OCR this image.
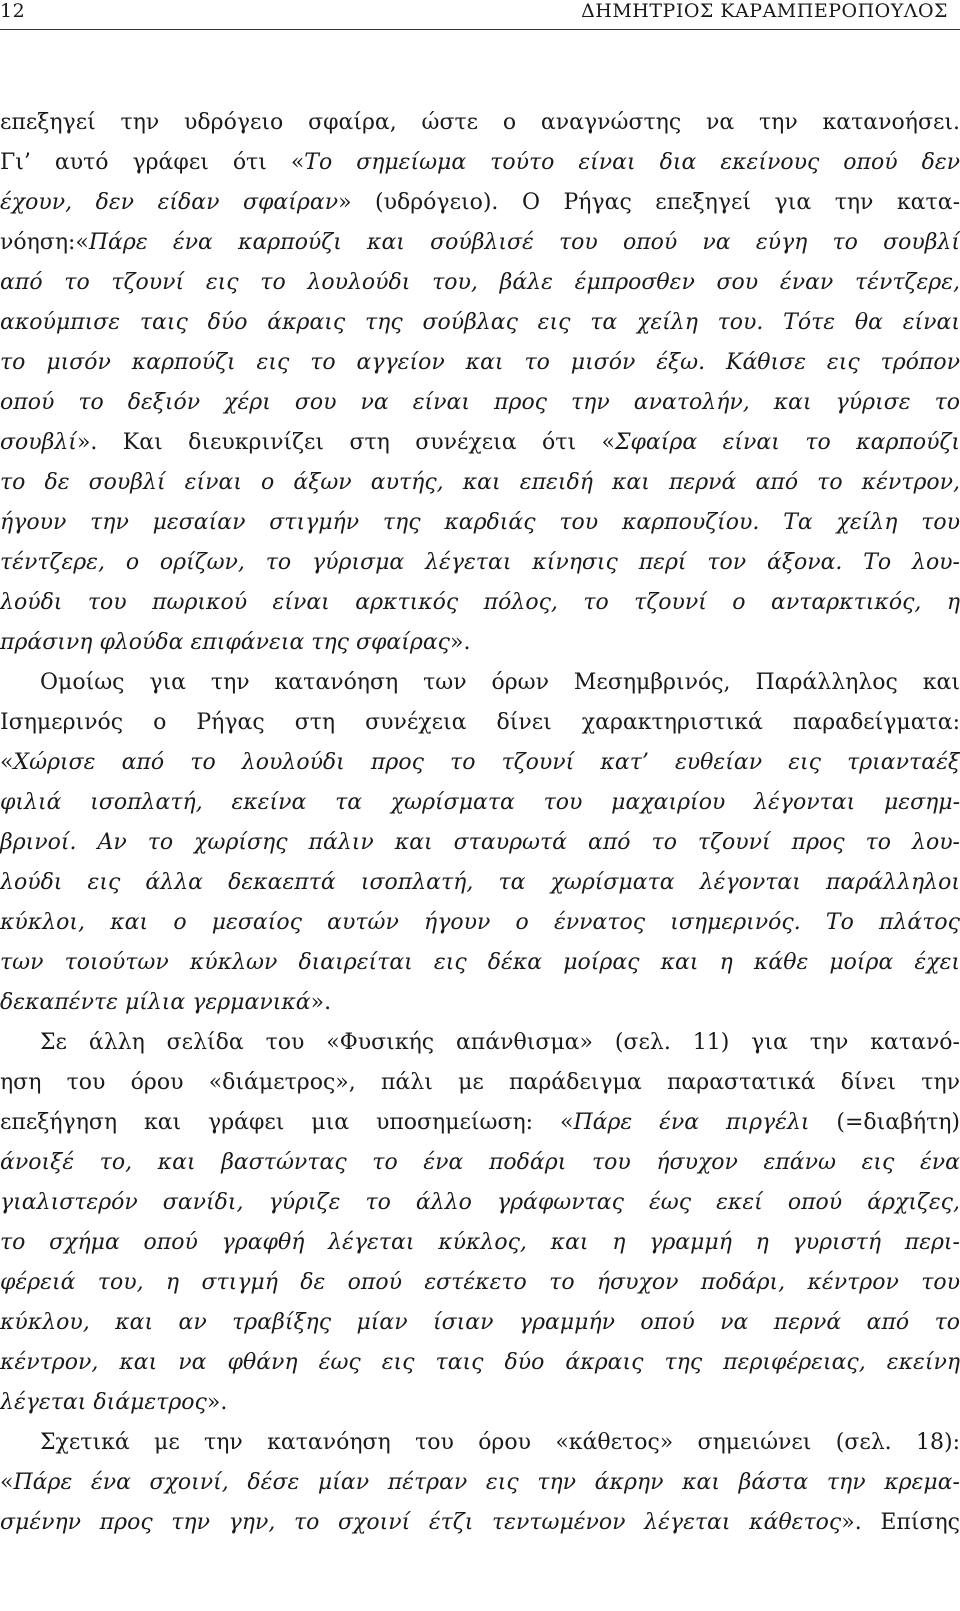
12	ΔΗΜΗΤΡΙΟΣ ΚΑΡΑΜΠΕΡΟΠΟΥΛΟΣ
επεξηγεί την υδρόγειο σφαίρα, ώστε ο αναγνώστης να την κατανοήσει.
Γι’ αυτό γράφει ότι «Το σημείωμα τούτο είναι δια εκείνους οπού δεν
έχουν, δεν είδαν σφαίραν» (υδρόγειο). Ο Ρήγας επεξηγεί για την κατα-
νόηση:«Πάρε ένα καρπούζι και σούβλισέ του οπού να εύγη το σουβλί
από το τζουνί εις το λουλούδι του, βάλε έμπροσθεν σου έναν τέντζερε,
ακούμπισε ταις δύο άκραις της σούβλας εις τα χείλη του. Τότε θα είναι
το μισόν καρπούζι εις το αγγείον και το μισόν έξω. Κάθισε εις τρόπον
οπού το δεξιόν χέρι σου να είναι προς την ανατολήν, και γύρισε το
σουβλί». Και διευκρινίζει στη συνέχεια ότι «Σφαίρα είναι το καρπούζι
το δε σουβλί είναι ο άξων αυτής, και επειδή και περνά από το κέντρον,
ήγουν την μεσαίαν στιγμήν της καρδιάς του καρπουζίου. Τα χείλη του
τέντζερε, ο ορίζων, το γύρισμα λέγεται κίνησις περί τον άξονα. Το λου-
λούδι του πωρικού είναι αρκτικός πόλος, το τζουνί ο ανταρκτικός, η
πράσινη φλούδα επιφάνεια της σφαίρας».
Ομοίως για την κατανόηση των όρων Μεσημβρινός, Παράλληλος και
Ισημερινός ο Ρήγας στη συνέχεια δίνει χαρακτηριστικά παραδείγματα:
«Χώρισε από το λουλούδι προς το τζουνί κατ’ ευθείαν εις τριανταέξ
φιλιά ισοπλατή, εκείνα τα χωρίσματα του μαχαιρίου λέγονται μεσημ-
βρινοί. Αν το χωρίσης πάλιν και σταυρωτά από το τζουνί προς το λου-
λούδι εις άλλα δεκαεπτά ισοπλατή, τα χωρίσματα λέγονται παράλληλοι
κύκλοι, και ο μεσαίος αυτών ήγουν ο έννατος ισημερινός. Το πλάτος
των τοιούτων κύκλων διαιρείται εις δέκα μοίρας και η κάθε μοίρα έχει
δεκαπέντε μίλια γερμανικά».
Σε άλλη σελίδα του «Φυσικής απάνθισμα» (σελ. 11) για την κατανό-
ηση του όρου «διάμετρος», πάλι με παράδειγμα παραστατικά δίνει την
επεξήγηση και γράφει μια υποσημείωση: «Πάρε ένα πιργέλι (=διαβήτη)
άνοιξέ το, και βαστώντας το ένα ποδάρι του ήσυχον επάνω εις ένα
γιαλιστερόν σανίδι, γύριζε το άλλο γράφωντας έως εκεί οπού άρχιζες,
το σχήμα οπού γραφθή λέγεται κύκλος, και η γραμμή η γυριστή περι-
φέρειά του, η στιγμή δε οπού εστέκετο το ήσυχον ποδάρι, κέντρον του
κύκλου, και αν τραβίξης μίαν ίσιαν γραμμήν οπού να περνά από το
κέντρον, και να φθάνη έως εις ταις δύο άκραις της περιφέρειας, εκείνη
λέγεται διάμετρος».
Σχετικά με την κατανόηση του όρου «κάθετος» σημειώνει (σελ. 18):
«Πάρε ένα σχοινί, δέσε μίαν πέτραν εις την άκρην και βάστα την κρεμα-
σμένην προς την γην, το σχοινί έτζι τεντωμένον λέγεται κάθετος». Επίσης
